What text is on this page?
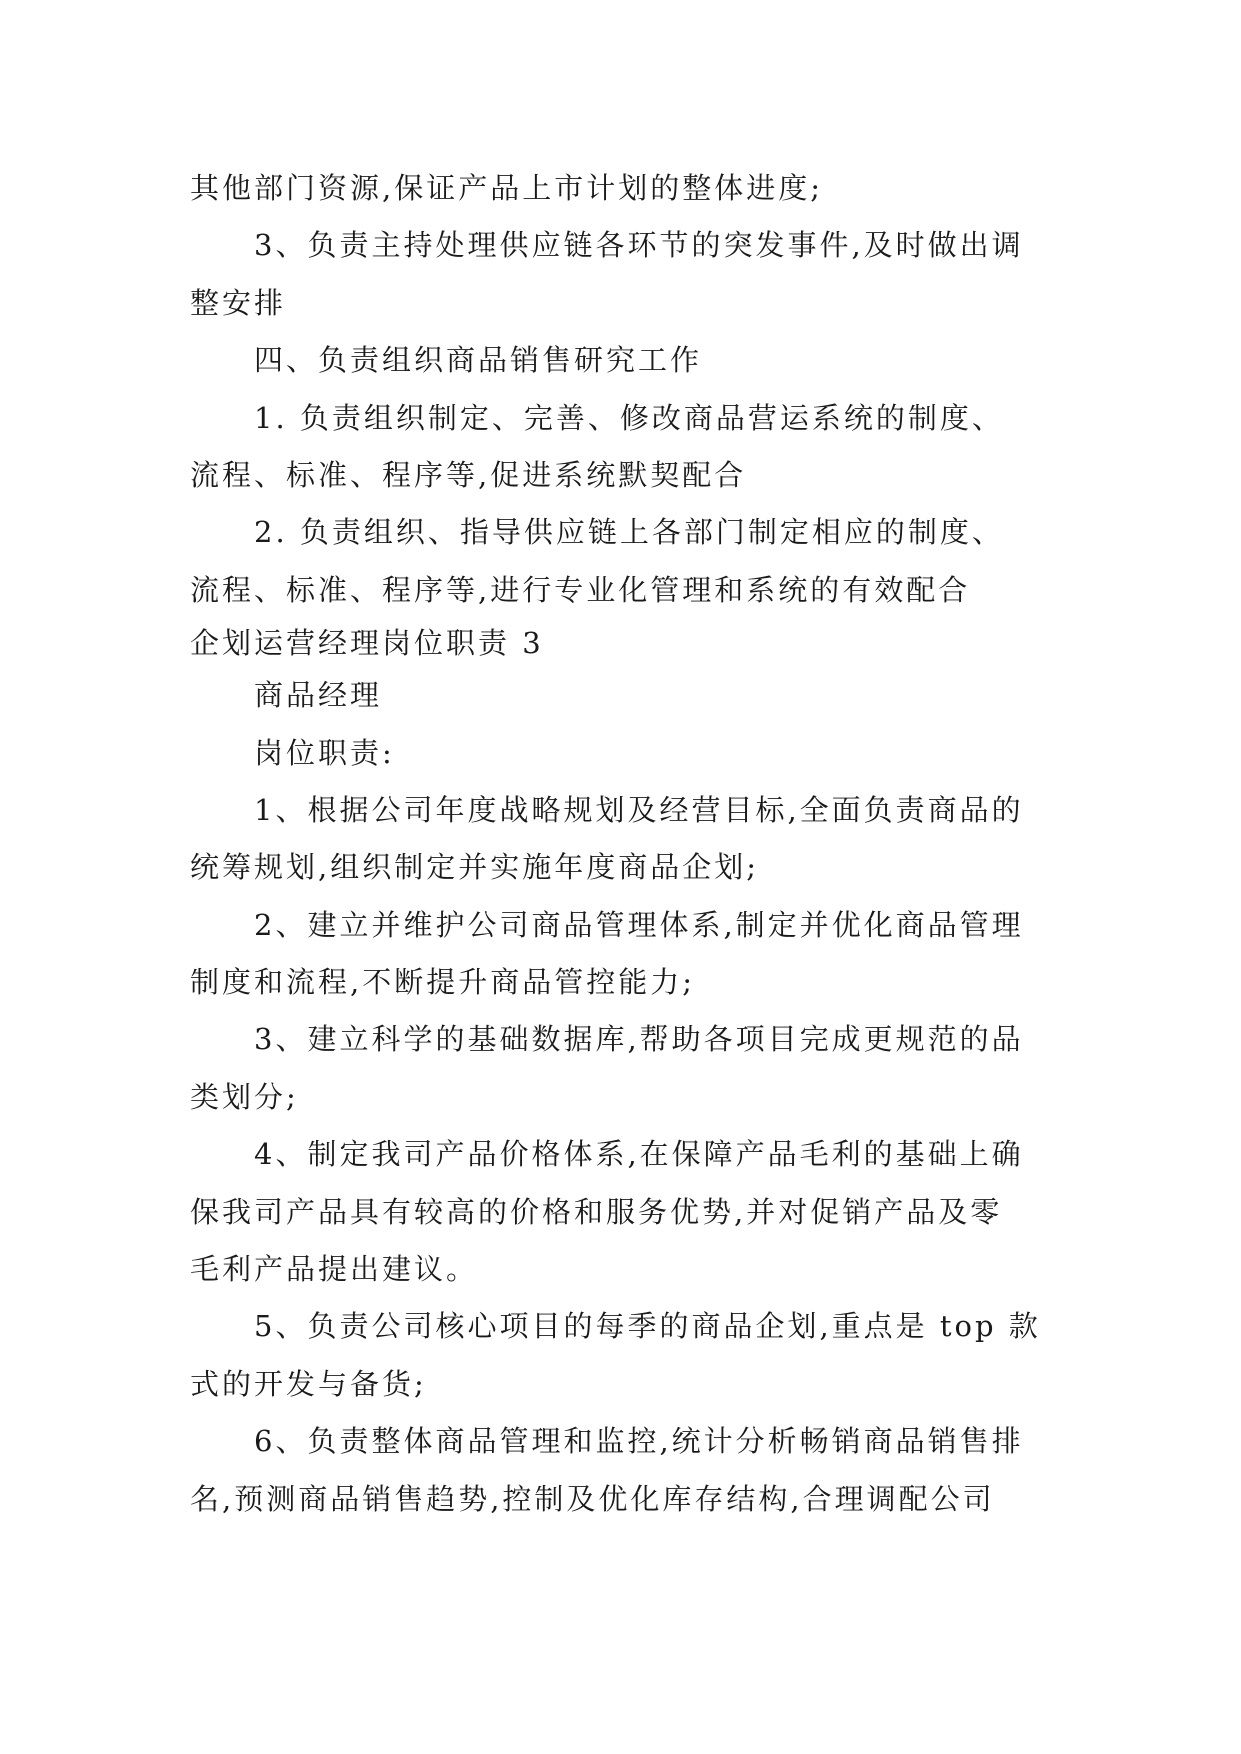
其他部门资源,保证产品上市计划的整体进度;
3、负责主持处理供应链各环节的突发事件,及时做出调
整安排
四、负责组织商品销售研究工作
1. 负责组织制定、完善、修改商品营运系统的制度、
流程、标准、程序等,促进系统默契配合
2. 负责组织、指导供应链上各部门制定相应的制度、
流程、标准、程序等,进行专业化管理和系统的有效配合
企划运营经理岗位职责 3
商品经理
岗位职责:
1、根据公司年度战略规划及经营目标,全面负责商品的
统筹规划,组织制定并实施年度商品企划;
2、建立并维护公司商品管理体系,制定并优化商品管理
制度和流程,不断提升商品管控能力;
3、建立科学的基础数据库,帮助各项目完成更规范的品
类划分;
4、制定我司产品价格体系,在保障产品毛利的基础上确
保我司产品具有较高的价格和服务优势,并对促销产品及零
毛利产品提出建议。
5、负责公司核心项目的每季的商品企划,重点是 top 款
式的开发与备货;
6、负责整体商品管理和监控,统计分析畅销商品销售排
名,预测商品销售趋势,控制及优化库存结构,合理调配公司
